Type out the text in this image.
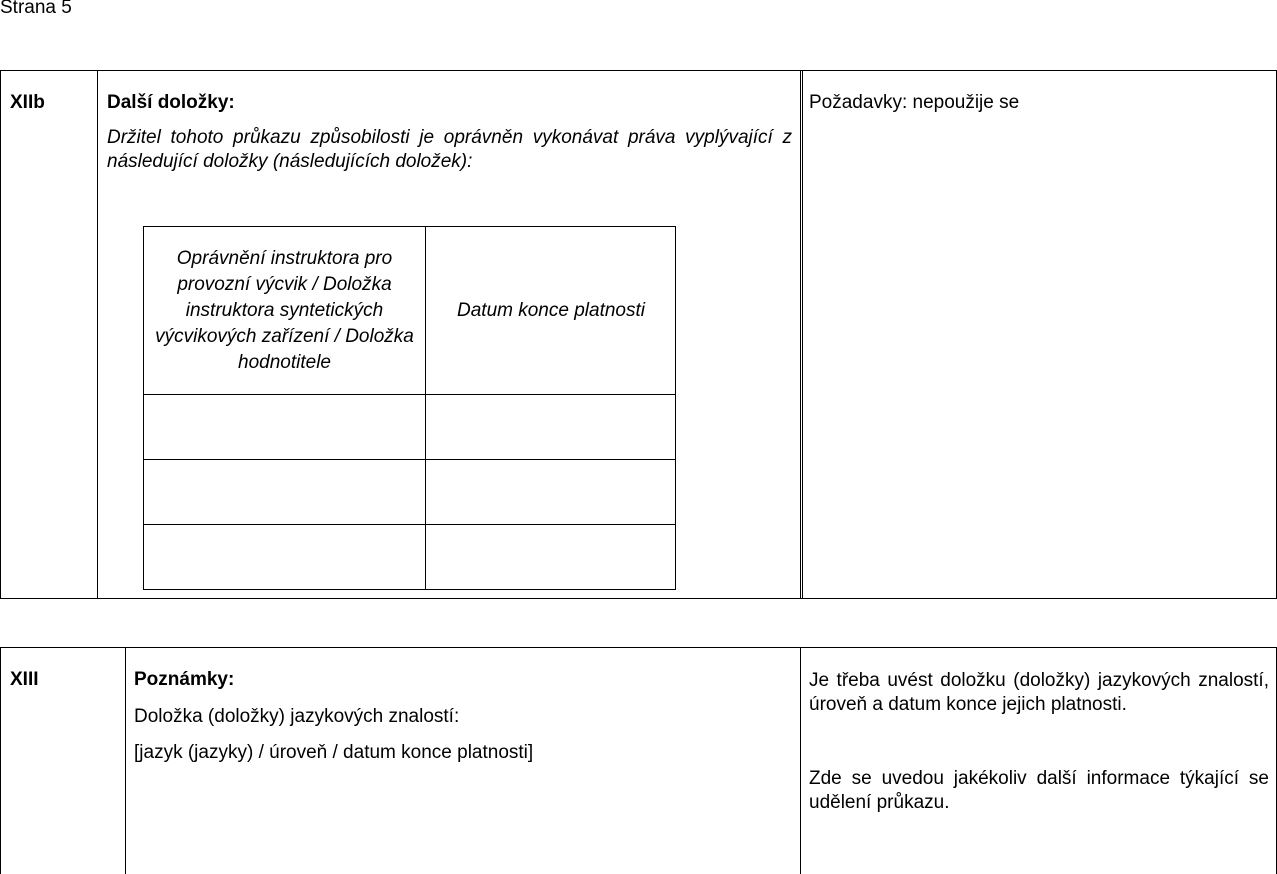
Strana 5
XIIb	Další doložky:
Držitel tohoto průkazu způsobilosti je oprávněn vykonávat práva vyplývající z následující doložky (následujících doložek):
Oprávnění instruktora pro provozní výcvik / Doložka instruktora syntetických výcvikových zařízení / Doložka hodnotitele
Datum konce platnosti
Požadavky: nepoužije se
XIII	Poznámky:
Doložka (doložky) jazykových znalostí:
[jazyk (jazyky) / úroveň / datum konce platnosti]
Je třeba uvést doložku (doložky) jazykových znalostí, úroveň a datum konce jejich platnosti.
Zde se uvedou jakékoliv další informace týkající se udělení průkazu.
